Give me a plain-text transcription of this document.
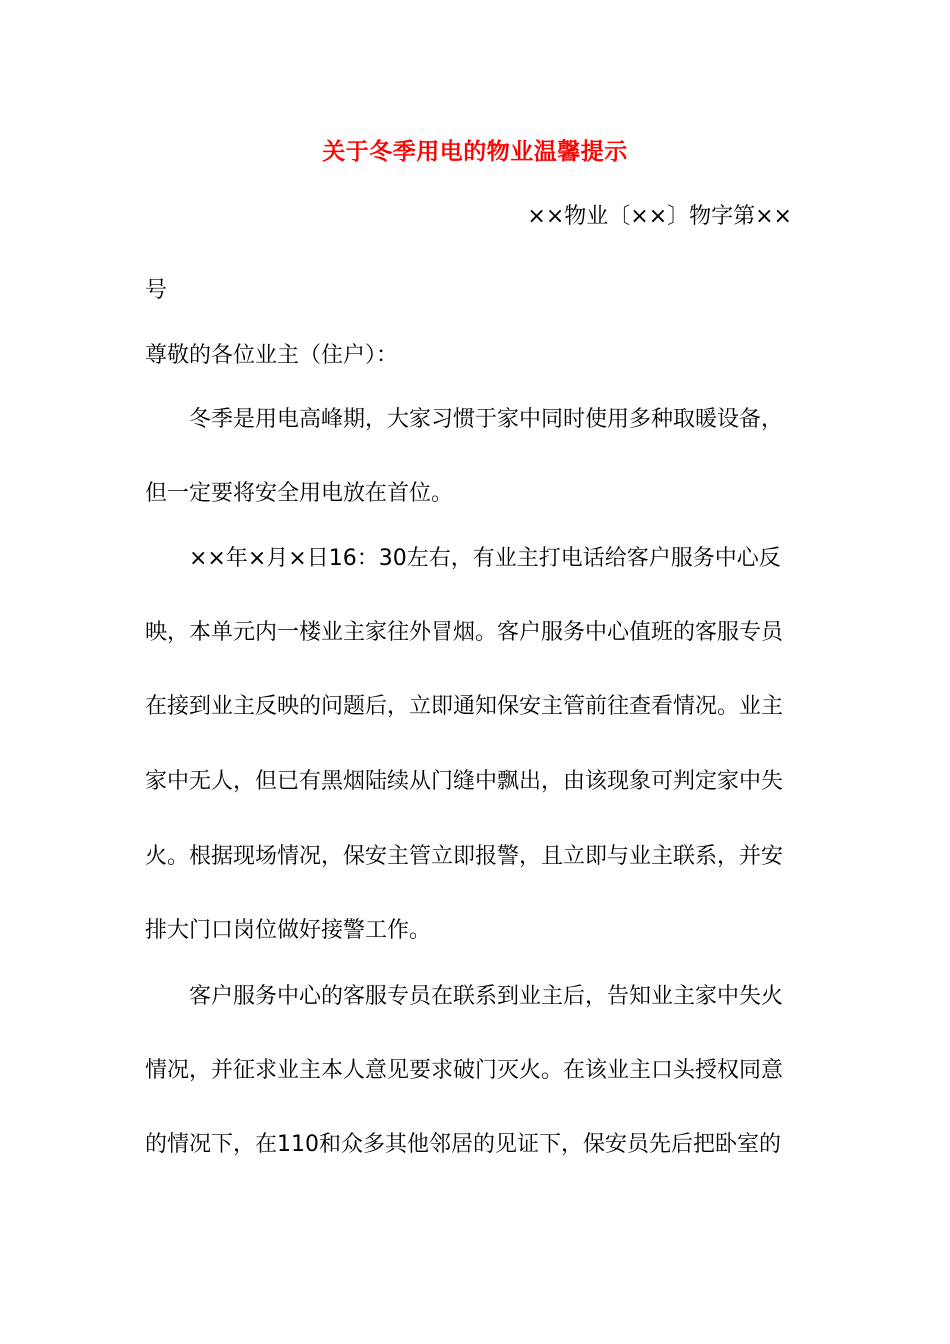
关于冬季用电的物业温馨提示
××物业〔××〕物字第××
号
尊敬的各位业主（住户）：
冬季是用电高峰期，大家习惯于家中同时使用多种取暖设备，
但一定要将安全用电放在首位。
××年×月×日16：30左右，有业主打电话给客户服务中心反
映，本单元内一楼业主家往外冒烟。客户服务中心值班的客服专员
在接到业主反映的问题后，立即通知保安主管前往查看情况。业主
家中无人，但已有黑烟陆续从门缝中飘出，由该现象可判定家中失
火。根据现场情况，保安主管立即报警，且立即与业主联系，并安
排大门口岗位做好接警工作。
客户服务中心的客服专员在联系到业主后，告知业主家中失火
情况，并征求业主本人意见要求破门灭火。在该业主口头授权同意
的情况下，在110和众多其他邻居的见证下，保安员先后把卧室的
